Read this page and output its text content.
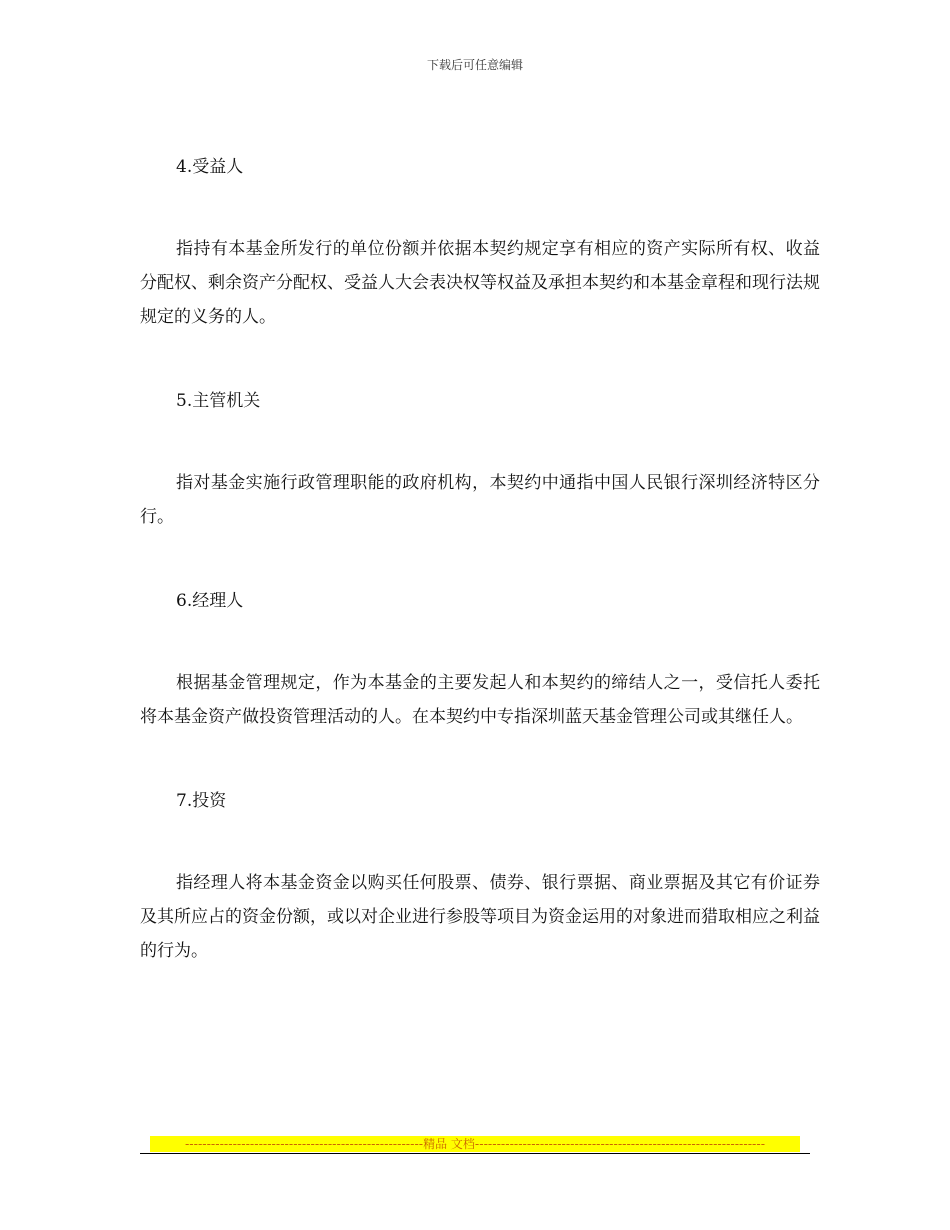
下载后可任意编辑

4.受益人

指持有本基金所发行的单位份额并依据本契约规定享有相应的资产实际所有权、收益分配权、剩余资产分配权、受益人大会表决权等权益及承担本契约和本基金章程和现行法规规定的义务的人。

5.主管机关

指对基金实施行政管理职能的政府机构，本契约中通指中国人民银行深圳经济特区分行。

6.经理人

根据基金管理规定，作为本基金的主要发起人和本契约的缔结人之一，受信托人委托将本基金资产做投资管理活动的人。在本契约中专指深圳蓝天基金管理公司或其继任人。

7.投资

指经理人将本基金资金以购买任何股票、债券、银行票据、商业票据及其它有价证券及其所应占的资金份额，或以对企业进行参股等项目为资金运用的对象进而猎取相应之利益的行为。

-------------------------------------------------------精品 文档-------------------------------------------------------------------
